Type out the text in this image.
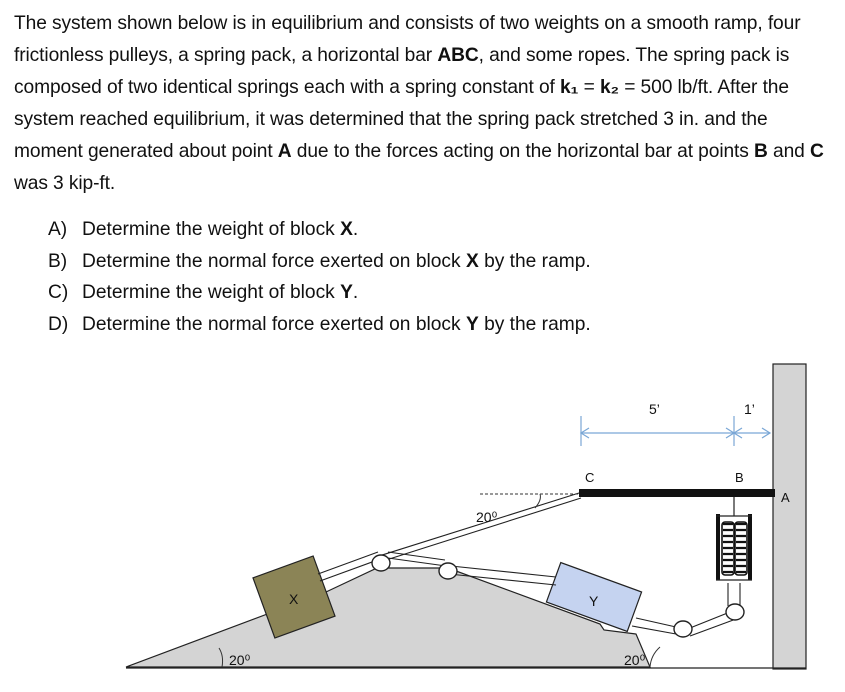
The system shown below is in equilibrium and consists of two weights on a smooth ramp, four frictionless pulleys, a spring pack, a horizontal bar ABC, and some ropes. The spring pack is composed of two identical springs each with a spring constant of k₁ = k₂ = 500 lb/ft. After the system reached equilibrium, it was determined that the spring pack stretched 3 in. and the moment generated about point A due to the forces acting on the horizontal bar at points B and C was 3 kip-ft.
A) Determine the weight of block X.
B) Determine the normal force exerted on block X by the ramp.
C) Determine the weight of block Y.
D) Determine the normal force exerted on block Y by the ramp.
X	Y
20⁰
5’	1’
C	B
A
20⁰	20⁰
